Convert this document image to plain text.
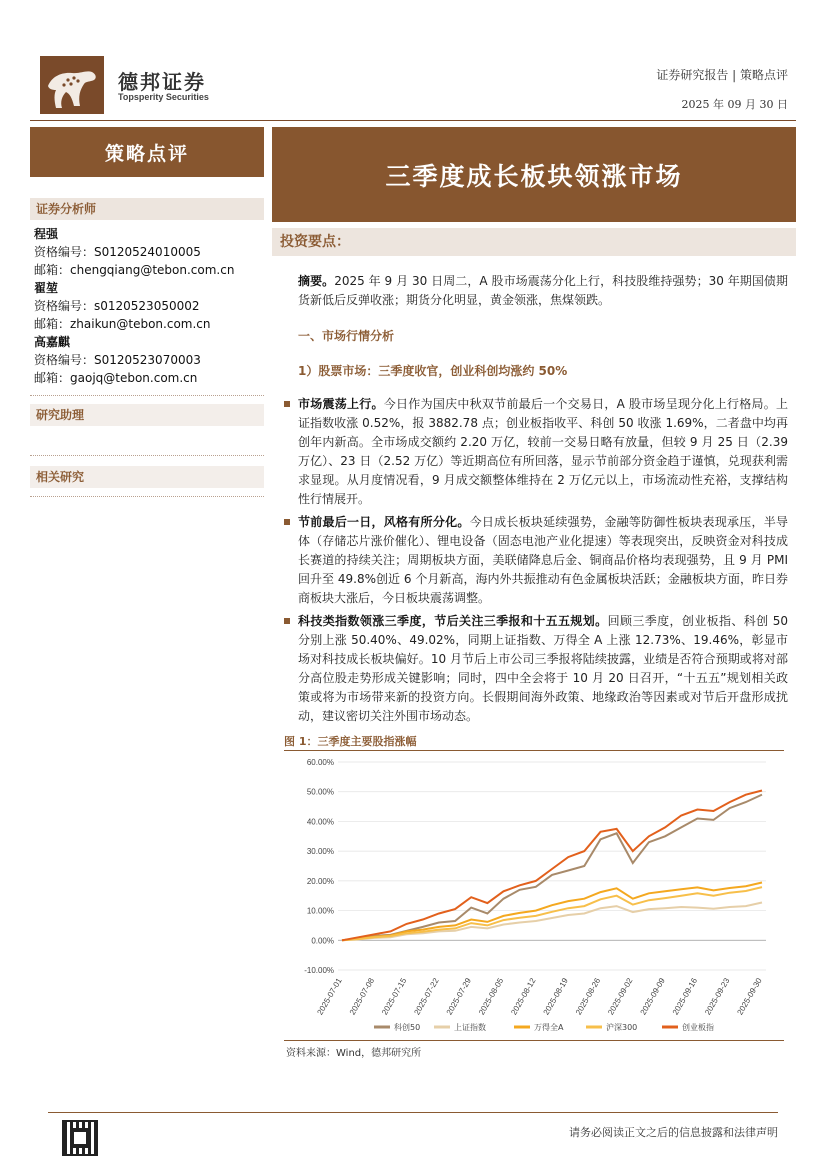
德邦证券
Topsperity Securities
证券研究报告 | 策略点评
2025 年 09 月 30 日
策略点评
证券分析师
程强
资格编号：S0120524010005
邮箱：chengqiang@tebon.com.cn
翟堃
资格编号：s0120523050002
邮箱：zhaikun@tebon.com.cn
高嘉麒
资格编号：S0120523070003
邮箱：gaojq@tebon.com.cn
研究助理
相关研究
三季度成长板块领涨市场
投资要点：
摘要。2025 年 9 月 30 日周二，A 股市场震荡分化上行，科技股维持强势；30 年期国债期货新低后反弹收涨；期货分化明显，黄金领涨，焦煤领跌。
一、市场行情分析
1）股票市场：三季度收官，创业科创均涨约 50%
市场震荡上行。今日作为国庆中秋双节前最后一个交易日，A 股市场呈现分化上行格局。上证指数收涨 0.52%，报 3882.78 点；创业板指收平、科创 50 收涨 1.69%，二者盘中均再创年内新高。全市场成交额约 2.20 万亿，较前一交易日略有放量，但较 9 月 25 日（2.39 万亿）、23 日（2.52 万亿）等近期高位有所回落，显示节前部分资金趋于谨慎，兑现获利需求显现。从月度情况看，9 月成交额整体维持在 2 万亿元以上，市场流动性充裕，支撑结构性行情展开。
节前最后一日，风格有所分化。今日成长板块延续强势，金融等防御性板块表现承压，半导体（存储芯片涨价催化）、锂电设备（固态电池产业化提速）等表现突出，反映资金对科技成长赛道的持续关注；周期板块方面，美联储降息后金、铜商品价格均表现强势，且 9 月 PMI 回升至 49.8%创近 6 个月新高，海内外共振推动有色金属板块活跃；金融板块方面，昨日券商板块大涨后，今日板块震荡调整。
科技类指数领涨三季度，节后关注三季报和十五五规划。回顾三季度，创业板指、科创 50 分别上涨 50.40%、49.02%，同期上证指数、万得全 A 上涨 12.73%、19.46%，彰显市场对科技成长板块偏好。10 月节后上市公司三季报将陆续披露，业绩是否符合预期或将对部分高位股走势形成关键影响；同时，四中全会将于 10 月 20 日召开，“十五五”规划相关政策或将为市场带来新的投资方向。长假期间海外政策、地缘政治等因素或对节后开盘形成扰动，建议密切关注外围市场动态。
图 1：三季度主要股指涨幅
-10.00%
0.00%
10.00%
20.00%
30.00%
40.00%
50.00%
60.00%
2025-07-01 2025-07-08 2025-07-15 2025-07-22 2025-07-29 2025-08-05 2025-08-12 2025-08-19 2025-08-26 2025-09-02 2025-09-09 2025-09-16 2025-09-23 2025-09-30
科创50	上证指数	万得全A	沪深300	创业板指
资料来源：Wind，德邦研究所
请务必阅读正文之后的信息披露和法律声明
